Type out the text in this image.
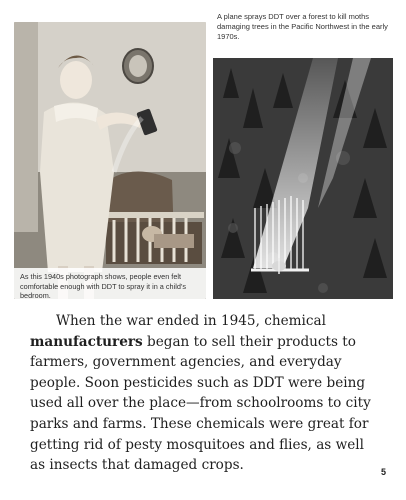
As this 1940s photograph shows, people even felt comfortable enough with DDT to spray it in a child’s bedroom.
A plane sprays DDT over a forest to kill moths damaging trees in the Pacific Northwest in the early 1970s.

When the war ended in 1945, chemical manufacturers began to sell their products to farmers, government agencies, and everyday people. Soon pesticides such as DDT were being used all over the place—from schoolrooms to city parks and farms. These chemicals were great for getting rid of pesty mosquitoes and flies, as well as insects that damaged crops.	5
